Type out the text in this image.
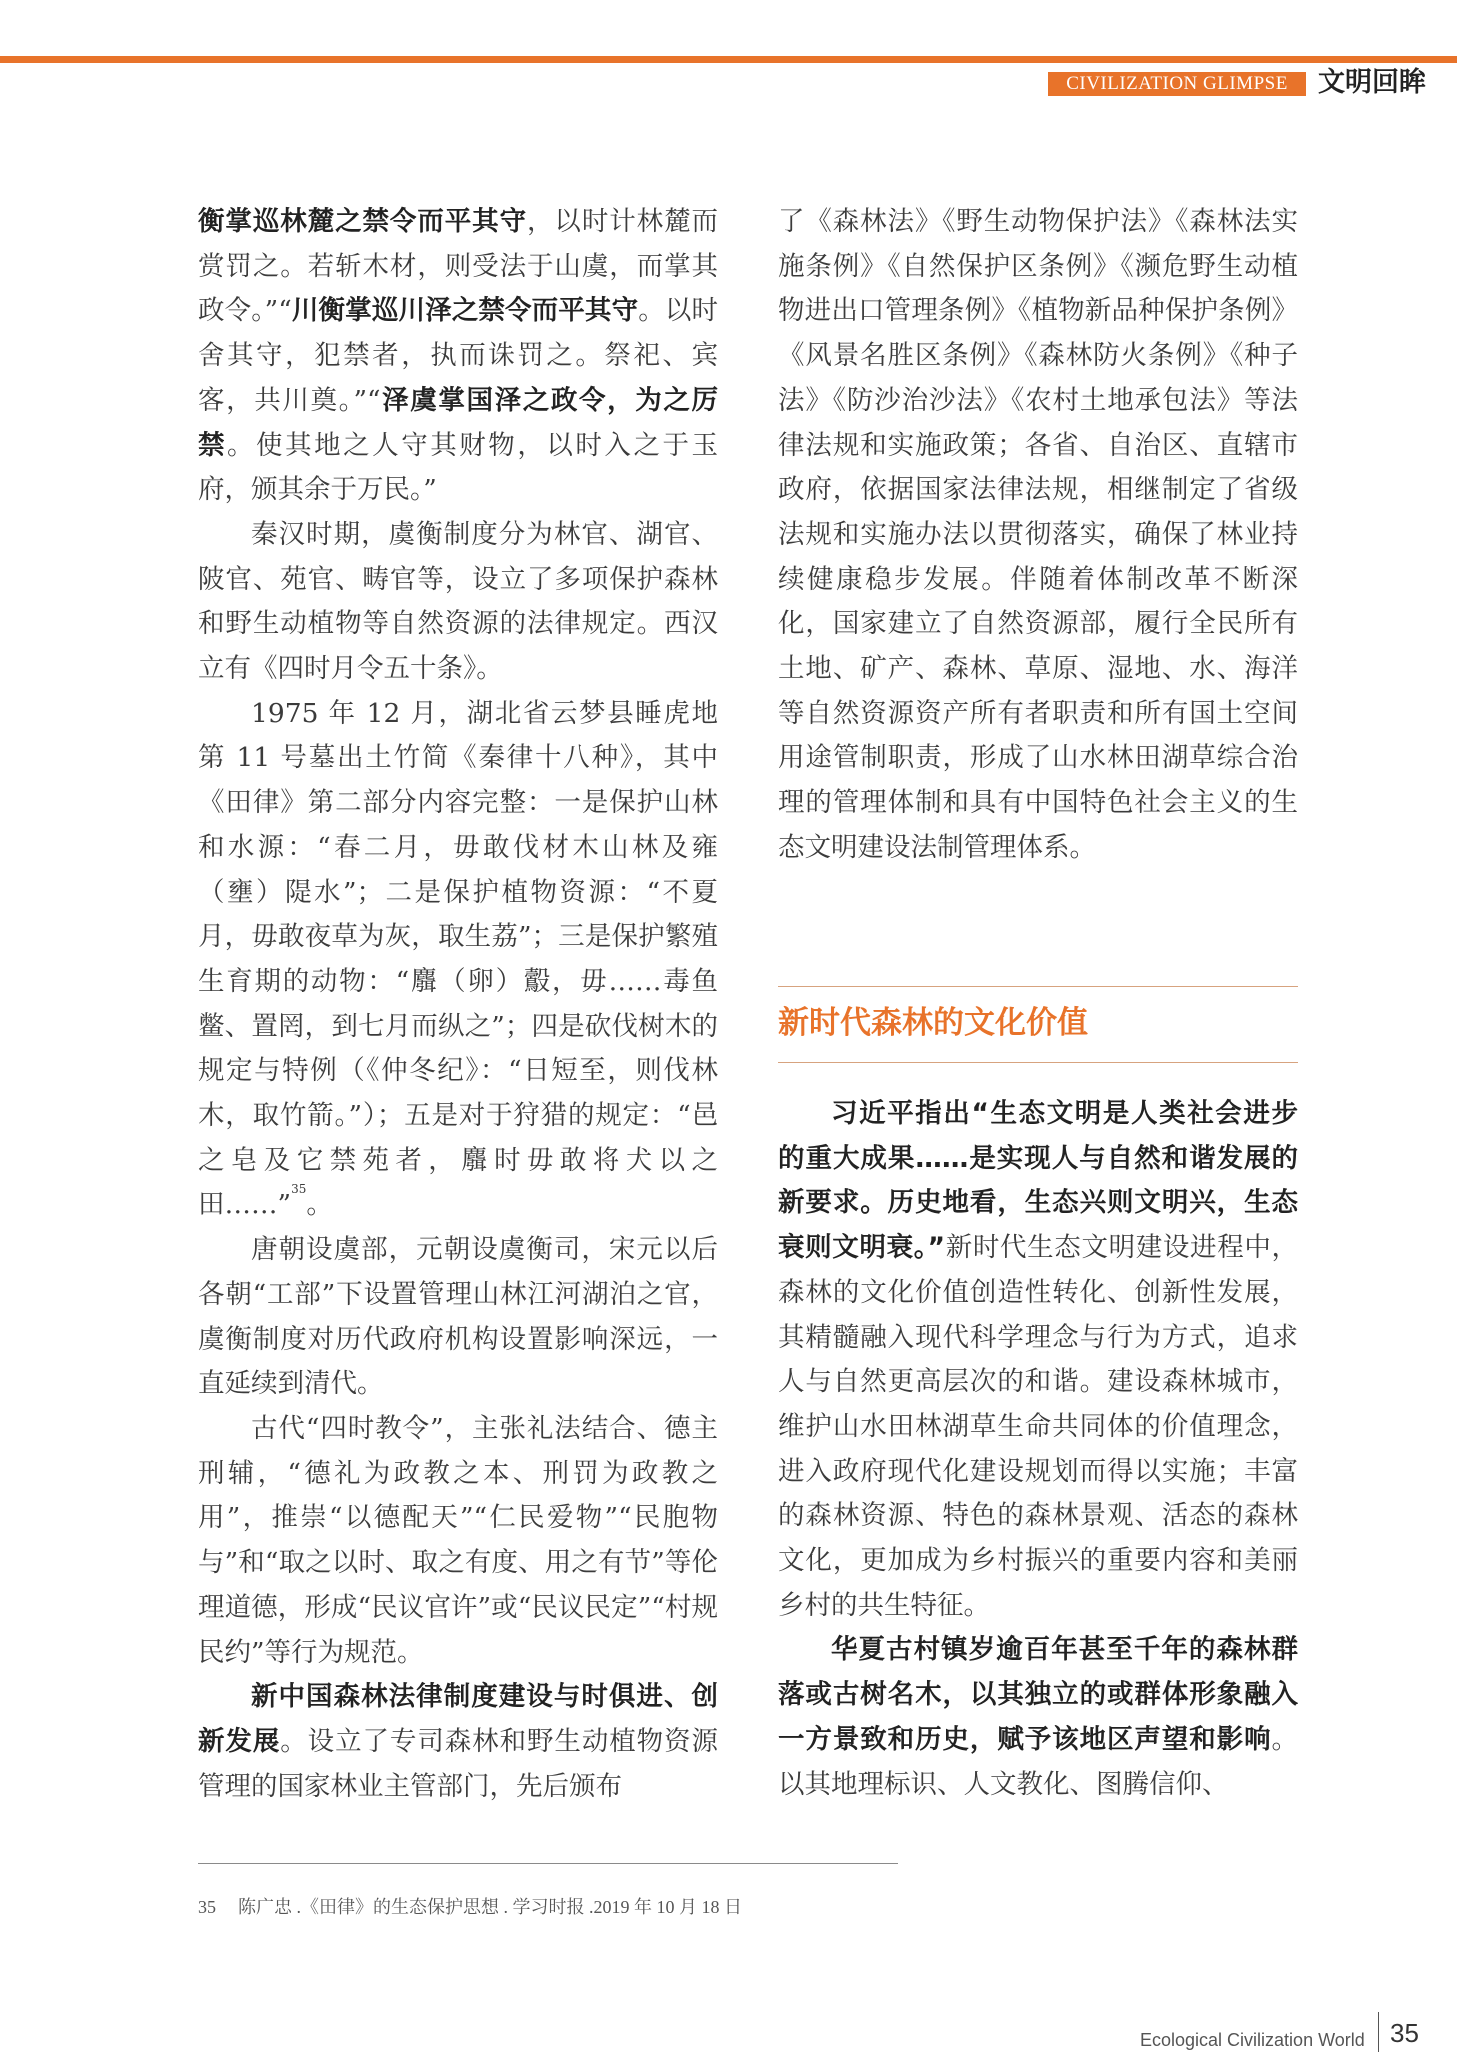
CIVILIZATION GLIMPSE	文明回眸

衡掌巡林麓之禁令而平其守，以时计林麓而赏罚之。若斩木材，则受法于山虞，而掌其政令。”“川衡掌巡川泽之禁令而平其守。以时舍其守，犯禁者，执而诛罚之。祭祀、宾客，共川奠。”“泽虞掌国泽之政令，为之厉禁。使其地之人守其财物，以时入之于玉府，颁其余于万民。”

秦汉时期，虞衡制度分为林官、湖官、陂官、苑官、畴官等，设立了多项保护森林和野生动植物等自然资源的法律规定。西汉立有《四时月令五十条》。

1975 年 12 月，湖北省云梦县睡虎地第 11 号墓出土竹简《秦律十八种》，其中《田律》第二部分内容完整：一是保护山林和水源：“春二月，毋敢伐材木山林及雍（壅）隄水”；二是保护植物资源：“不夏月，毋敢夜草为灰，取生荔”；三是保护繁殖生育期的动物：“麛（卵）鷇，毋……毒鱼鳖、置罔，到七月而纵之”；四是砍伐树木的规定与特例（《仲冬纪》：“日短至，则伐林木，取竹箭。”）；五是对于狩猎的规定：“邑之皂及它禁苑者，麛时毋敢将犬以之田……”$^{35}$。

唐朝设虞部，元朝设虞衡司，宋元以后各朝“工部”下设置管理山林江河湖泊之官，虞衡制度对历代政府机构设置影响深远，一直延续到清代。

古代“四时教令”，主张礼法结合、德主刑辅，“德礼为政教之本、刑罚为政教之用”，推崇“以德配天”“仁民爱物”“民胞物与”和“取之以时、取之有度、用之有节”等伦理道德，形成“民议官许”或“民议民定”“村规民约”等行为规范。

新中国森林法律制度建设与时俱进、创新发展。设立了专司森林和野生动植物资源管理的国家林业主管部门，先后颁布

了《森林法》《野生动物保护法》《森林法实施条例》《自然保护区条例》《濒危野生动植物进出口管理条例》《植物新品种保护条例》《风景名胜区条例》《森林防火条例》《种子法》《防沙治沙法》《农村土地承包法》等法律法规和实施政策；各省、自治区、直辖市政府，依据国家法律法规，相继制定了省级法规和实施办法以贯彻落实，确保了林业持续健康稳步发展。伴随着体制改革不断深化，国家建立了自然资源部，履行全民所有土地、矿产、森林、草原、湿地、水、海洋等自然资源资产所有者职责和所有国土空间用途管制职责，形成了山水林田湖草综合治理的管理体制和具有中国特色社会主义的生态文明建设法制管理体系。

新时代森林的文化价值

习近平指出“生态文明是人类社会进步的重大成果……是实现人与自然和谐发展的新要求。历史地看，生态兴则文明兴，生态衰则文明衰。”新时代生态文明建设进程中，森林的文化价值创造性转化、创新性发展，其精髓融入现代科学理念与行为方式，追求人与自然更高层次的和谐。建设森林城市，维护山水田林湖草生命共同体的价值理念，进入政府现代化建设规划而得以实施；丰富的森林资源、特色的森林景观、活态的森林文化，更加成为乡村振兴的重要内容和美丽乡村的共生特征。

华夏古村镇岁逾百年甚至千年的森林群落或古树名木，以其独立的或群体形象融入一方景致和历史，赋予该地区声望和影响。以其地理标识、人文教化、图腾信仰、

35 陈广忠 .《田律》的生态保护思想 . 学习时报 .2019 年 10 月 18 日
Ecological Civilization World 35
